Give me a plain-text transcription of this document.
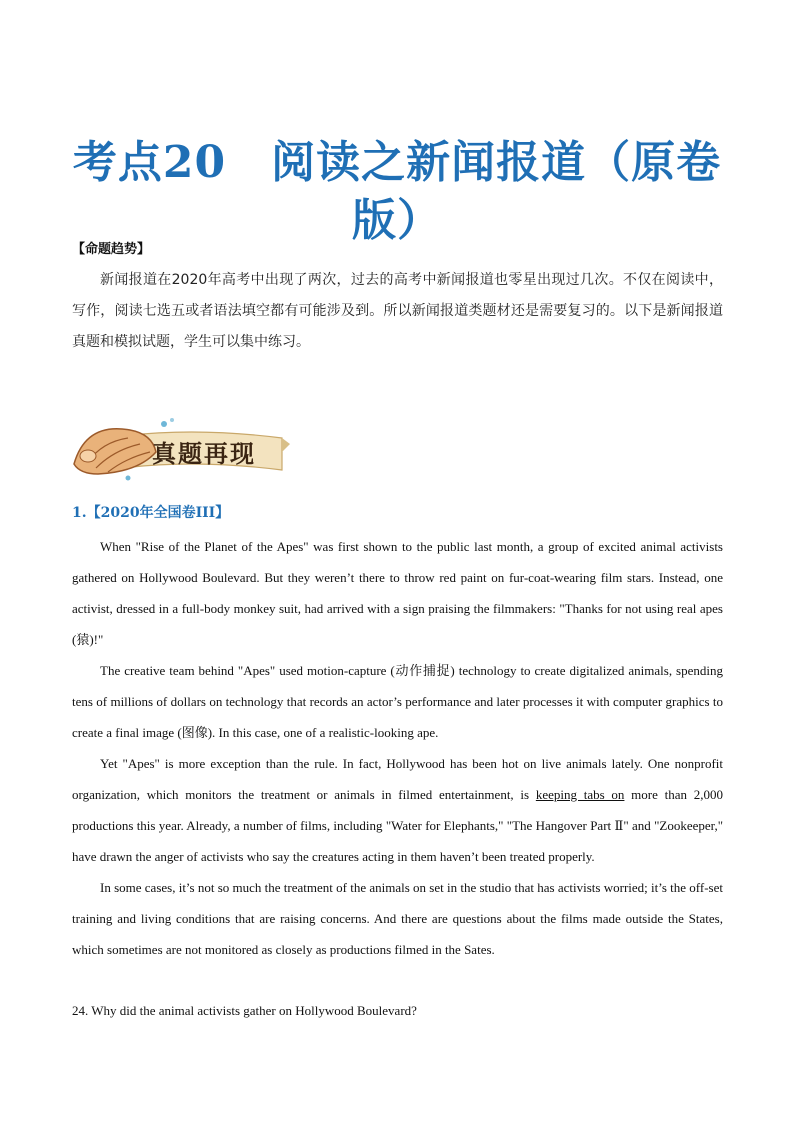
考点20　阅读之新闻报道（原卷版）
【命题趋势】
新闻报道在2020年高考中出现了两次，过去的高考中新闻报道也零星出现过几次。不仅在阅读中，写作，阅读七选五或者语法填空都有可能涉及到。所以新闻报道类题材还是需要复习的。以下是新闻报道真题和模拟试题，学生可以集中练习。
真题再现
1.【2020年全国卷III】

When "Rise of the Planet of the Apes" was first shown to the public last month, a group of excited animal activists gathered on Hollywood Boulevard. But they weren’t there to throw red paint on fur-coat-wearing film stars. Instead, one activist, dressed in a full-body monkey suit, had arrived with a sign praising the filmmakers: "Thanks for not using real apes (猿)!"

The creative team behind "Apes" used motion-capture (动作捕捉) technology to create digitalized animals, spending tens of millions of dollars on technology that records an actor’s performance and later processes it with computer graphics to create a final image (图像). In this case, one of a realistic-looking ape.

Yet "Apes" is more exception than the rule. In fact, Hollywood has been hot on live animals lately. One nonprofit organization, which monitors the treatment or animals in filmed entertainment, is keeping tabs on more than 2,000 productions this year. Already, a number of films, including "Water for Elephants," "The Hangover Part Ⅱ" and "Zookeeper," have drawn the anger of activists who say the creatures acting in them haven’t been treated properly.

In some cases, it’s not so much the treatment of the animals on set in the studio that has activists worried; it’s the off-set training and living conditions that are raising concerns. And there are questions about the films made outside the States, which sometimes are not monitored as closely as productions filmed in the Sates.

24. Why did the animal activists gather on Hollywood Boulevard?
